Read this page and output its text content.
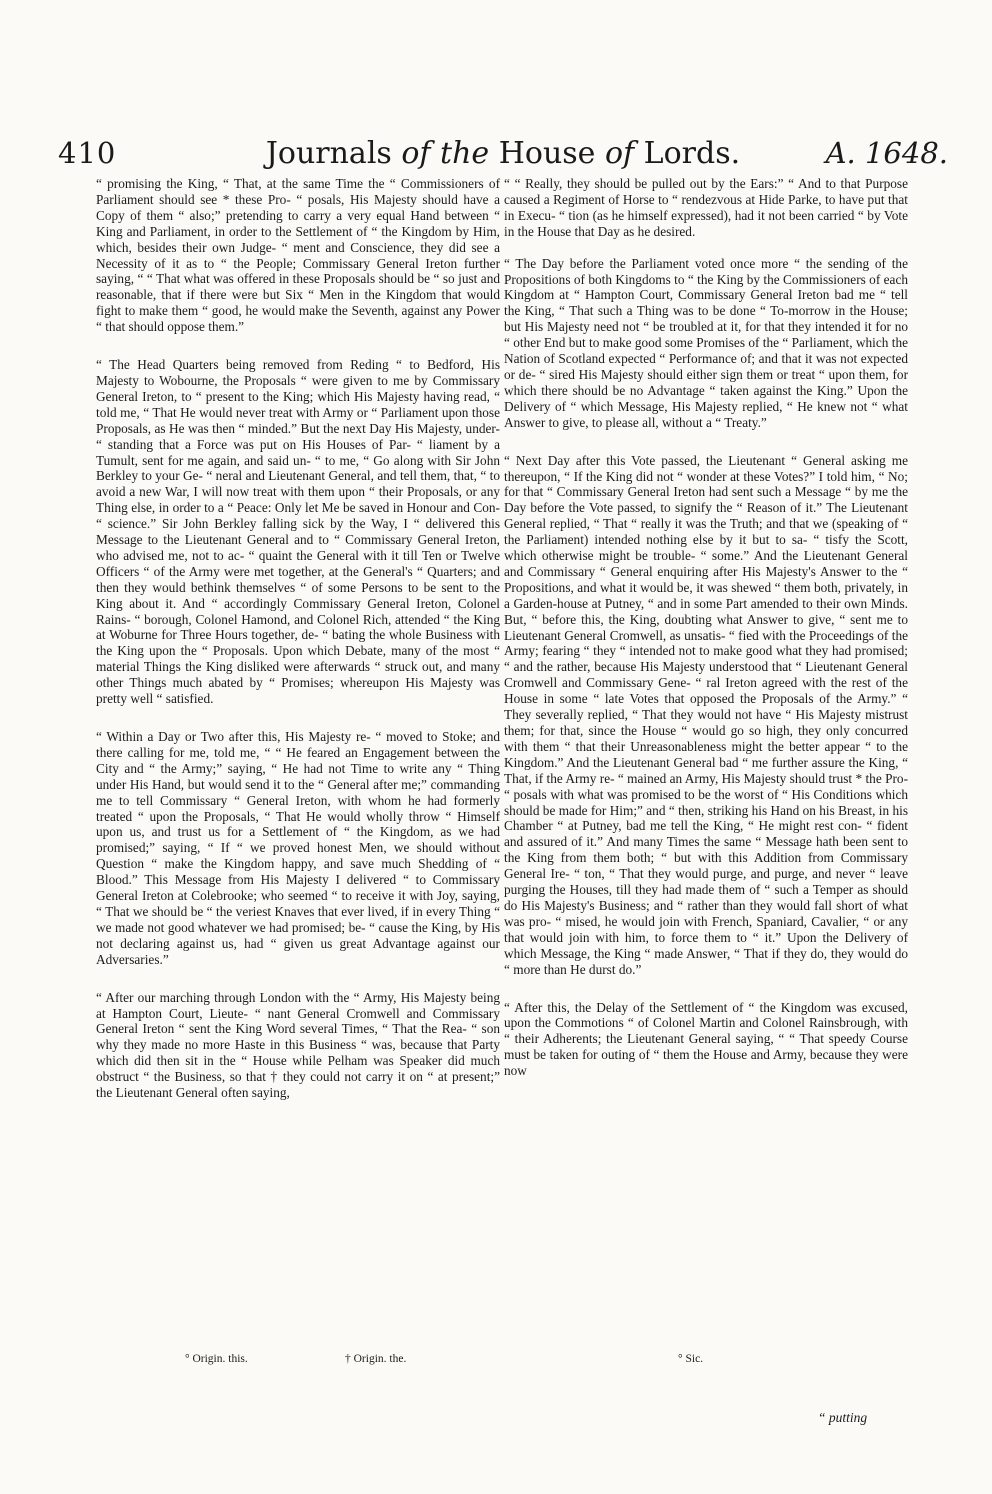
410	Journals of the House of Lords.	A. 1648.

“ promising the King, “ That, at the same Time the “ Commissioners of Parliament should see * these Pro- “ posals, His Majesty should have a Copy of them “ also;” pretending to carry a very equal Hand between “ King and Parliament, in order to the Settlement of “ the Kingdom by Him, which, besides their own Judge- “ ment and Conscience, they did see a Necessity of it as to “ the People; Commissary General Ireton further saying, “ “ That what was offered in these Proposals should be “ so just and reasonable, that if there were but Six “ Men in the Kingdom that would fight to make them “ good, he would make the Seventh, against any Power “ that should oppose them.”

“ The Head Quarters being removed from Reding “ to Bedford, His Majesty to Wobourne, the Proposals “ were given to me by Commissary General Ireton, to “ present to the King; which His Majesty having read, “ told me, “ That He would never treat with Army or “ Parliament upon those Proposals, as He was then “ minded.” But the next Day His Majesty, under- “ standing that a Force was put on His Houses of Par- “ liament by a Tumult, sent for me again, and said un- “ to me, “ Go along with Sir John Berkley to your Ge- “ neral and Lieutenant General, and tell them, that, “ to avoid a new War, I will now treat with them upon “ their Proposals, or any Thing else, in order to a “ Peace: Only let Me be saved in Honour and Con- “ science.” Sir John Berkley falling sick by the Way, I “ delivered this Message to the Lieutenant General and to “ Commissary General Ireton, who advised me, not to ac- “ quaint the General with it till Ten or Twelve Officers “ of the Army were met together, at the General's “ Quarters; and then they would bethink themselves “ of some Persons to be sent to the King about it. And “ accordingly Commissary General Ireton, Colonel Rains- “ borough, Colonel Hamond, and Colonel Rich, attended “ the King at Woburne for Three Hours together, de- “ bating the whole Business with the King upon the “ Proposals. Upon which Debate, many of the most “ material Things the King disliked were afterwards “ struck out, and many other Things much abated by “ Promises; whereupon His Majesty was pretty well “ satisfied.

“ Within a Day or Two after this, His Majesty re- “ moved to Stoke; and there calling for me, told me, “ “ He feared an Engagement between the City and “ the Army;” saying, “ He had not Time to write any “ Thing under His Hand, but would send it to the “ General after me;” commanding me to tell Commissary “ General Ireton, with whom he had formerly treated “ upon the Proposals, “ That He would wholly throw “ Himself upon us, and trust us for a Settlement of “ the Kingdom, as we had promised;” saying, “ If “ we proved honest Men, we should without Question “ make the Kingdom happy, and save much Shedding of “ Blood.” This Message from His Majesty I delivered “ to Commissary General Ireton at Colebrooke; who seemed “ to receive it with Joy, saying, “ That we should be “ the veriest Knaves that ever lived, if in every Thing “ we made not good whatever we had promised; be- “ cause the King, by His not declaring against us, had “ given us great Advantage against our Adversaries.”

“ After our marching through London with the “ Army, His Majesty being at Hampton Court, Lieute- “ nant General Cromwell and Commissary General Ireton “ sent the King Word several Times, “ That the Rea- “ son why they made no more Haste in this Business “ was, because that Party which did then sit in the “ House while Pelham was Speaker did much obstruct “ the Business, so that † they could not carry it on “ at present;” the Lieutenant General often saying,

“ “ Really, they should be pulled out by the Ears:” “ And to that Purpose caused a Regiment of Horse to “ rendezvous at Hide Parke, to have put that in Execu- “ tion (as he himself expressed), had it not been carried “ by Vote in the House that Day as he desired.

“ The Day before the Parliament voted once more “ the sending of the Propositions of both Kingdoms to “ the King by the Commissioners of each Kingdom at “ Hampton Court, Commissary General Ireton bad me “ tell the King, “ That such a Thing was to be done “ To-morrow in the House; but His Majesty need not “ be troubled at it, for that they intended it for no “ other End but to make good some Promises of the “ Parliament, which the Nation of Scotland expected “ Performance of; and that it was not expected or de- “ sired His Majesty should either sign them or treat “ upon them, for which there should be no Advantage “ taken against the King.” Upon the Delivery of “ which Message, His Majesty replied, “ He knew not “ what Answer to give, to please all, without a “ Treaty.”

“ Next Day after this Vote passed, the Lieutenant “ General asking me thereupon, “ If the King did not “ wonder at these Votes?” I told him, “ No; for that “ Commissary General Ireton had sent such a Message “ by me the Day before the Vote passed, to signify the “ Reason of it.” The Lieutenant General replied, “ That “ really it was the Truth; and that we (speaking of “ the Parliament) intended nothing else by it but to sa- “ tisfy the Scott, which otherwise might be trouble- “ some.” And the Lieutenant General and Commissary “ General enquiring after His Majesty's Answer to the “ Propositions, and what it would be, it was shewed “ them both, privately, in a Garden-house at Putney, “ and in some Part amended to their own Minds. But, “ before this, the King, doubting what Answer to give, “ sent me to Lieutenant General Cromwell, as unsatis- “ fied with the Proceedings of the Army; fearing “ they “ intended not to make good what they had promised; “ and the rather, because His Majesty understood that “ Lieutenant General Cromwell and Commissary Gene- “ ral Ireton agreed with the rest of the House in some “ late Votes that opposed the Proposals of the Army.” “ They severally replied, “ That they would not have “ His Majesty mistrust them; for that, since the House “ would go so high, they only concurred with them “ that their Unreasonableness might the better appear “ to the Kingdom.” And the Lieutenant General bad “ me further assure the King, “ That, if the Army re- “ mained an Army, His Majesty should trust * the Pro- “ posals with what was promised to be the worst of “ His Conditions which should be made for Him;” and “ then, striking his Hand on his Breast, in his Chamber “ at Putney, bad me tell the King, “ He might rest con- “ fident and assured of it.” And many Times the same “ Message hath been sent to the King from them both; “ but with this Addition from Commissary General Ire- “ ton, “ That they would purge, and purge, and never “ leave purging the Houses, till they had made them of “ such a Temper as should do His Majesty's Business; and “ rather than they would fall short of what was pro- “ mised, he would join with French, Spaniard, Cavalier, “ or any that would join with him, to force them to “ it.” Upon the Delivery of which Message, the King “ made Answer, “ That if they do, they would do “ more than He durst do.”

“ After this, the Delay of the Settlement of “ the Kingdom was excused, upon the Commotions “ of Colonel Martin and Colonel Rainsbrough, with “ their Adherents; the Lieutenant General saying, “ “ That speedy Course must be taken for outing of “ them the House and Army, because they were now

° Origin. this.	† Origin. the.	° Sic.
“ putting
